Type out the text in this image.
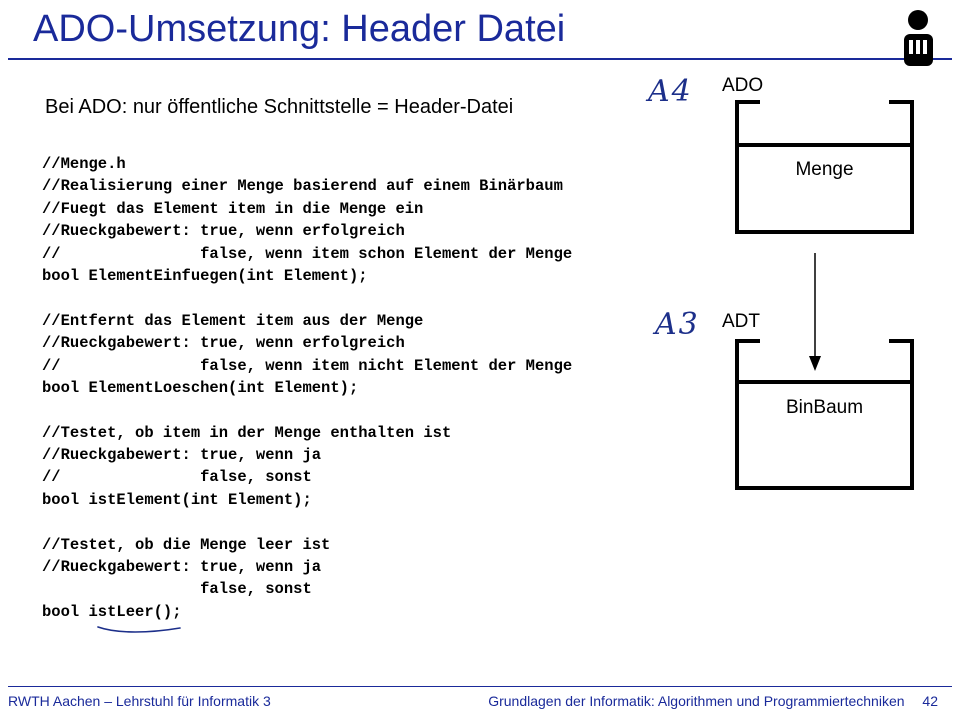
ADO-Umsetzung: Header Datei
Bei ADO: nur öffentliche Schnittstelle = Header-Datei
//Menge.h
//Realisierung einer Menge basierend auf einem Binärbaum
//Fuegt das Element item in die Menge ein
//Rueckgabewert: true, wenn erfolgreich
//               false, wenn item schon Element der Menge
bool ElementEinfuegen(int Element);
//Entfernt das Element item aus der Menge
//Rueckgabewert: true, wenn erfolgreich
//               false, wenn item nicht Element der Menge
bool ElementLoeschen(int Element);
//Testet, ob item in der Menge enthalten ist
//Rueckgabewert: true, wenn ja
//               false, sonst
bool istElement(int Element);
//Testet, ob die Menge leer ist
//Rueckgabewert: true, wenn ja
false, sonst
bool istLeer();
A4
A3
ADO
ADT
Menge
BinBaum
RWTH Aachen – Lehrstuhl für Informatik 3	Grundlagen der Informatik: Algorithmen und Programmiertechniken 42
